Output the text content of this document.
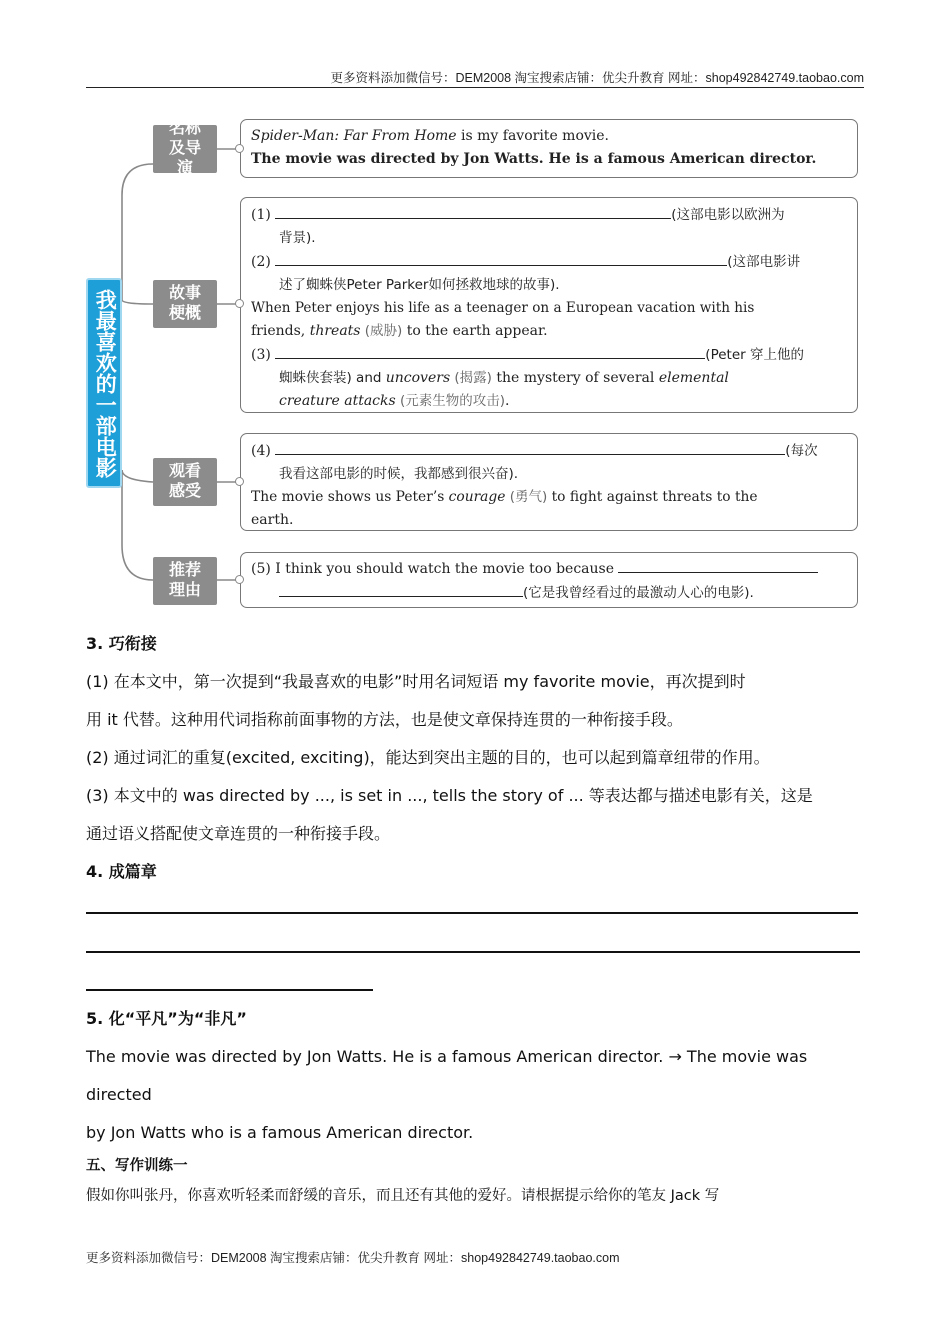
更多资料添加微信号：DEM2008 淘宝搜索店铺：优尖升教育 网址：shop492842749.taobao.com
我最喜欢的一部电影
名称及导演
故事梗概
观看感受
推荐理由

Spider-Man: Far From Home is my favorite movie.

The movie was directed by Jon Watts. He is a famous American director.

(1)	(这部电影以欧洲为

背景).

(2)	(这部电影讲

述了蜘蛛侠Peter Parker如何拯救地球的故事).

When Peter enjoys his life as a teenager on a European vacation with his

friends, threats (威胁) to the earth appear.

(3)	(Peter 穿上他的

蜘蛛侠套装) and uncovers (揭露) the mystery of several elemental

creature attacks (元素生物的攻击).

(4)	(每次

我看这部电影的时候，我都感到很兴奋).

The movie shows us Peter’s courage (勇气) to fight against threats to the

earth.

(5) I think you should watch the movie too because

(它是我曾经看过的最激动人心的电影).

3. 巧衔接

(1) 在本文中，第一次提到“我最喜欢的电影”时用名词短语 my favorite movie，再次提到时

用 it 代替。这种用代词指称前面事物的方法，也是使文章保持连贯的一种衔接手段。

(2) 通过词汇的重复(excited, exciting)，能达到突出主题的目的，也可以起到篇章纽带的作用。

(3) 本文中的 was directed by ..., is set in ..., tells the story of ... 等表达都与描述电影有关，这是

通过语义搭配使文章连贯的一种衔接手段。

4. 成篇章

5. 化“平凡”为“非凡”

The movie was directed by Jon Watts. He is a famous American director. → The movie was directed

by Jon Watts who is a famous American director.

五、写作训练一

假如你叫张丹，你喜欢听轻柔而舒缓的音乐，而且还有其他的爱好。请根据提示给你的笔友 Jack 写

更多资料添加微信号：DEM2008 淘宝搜索店铺：优尖升教育 网址：shop492842749.taobao.com
